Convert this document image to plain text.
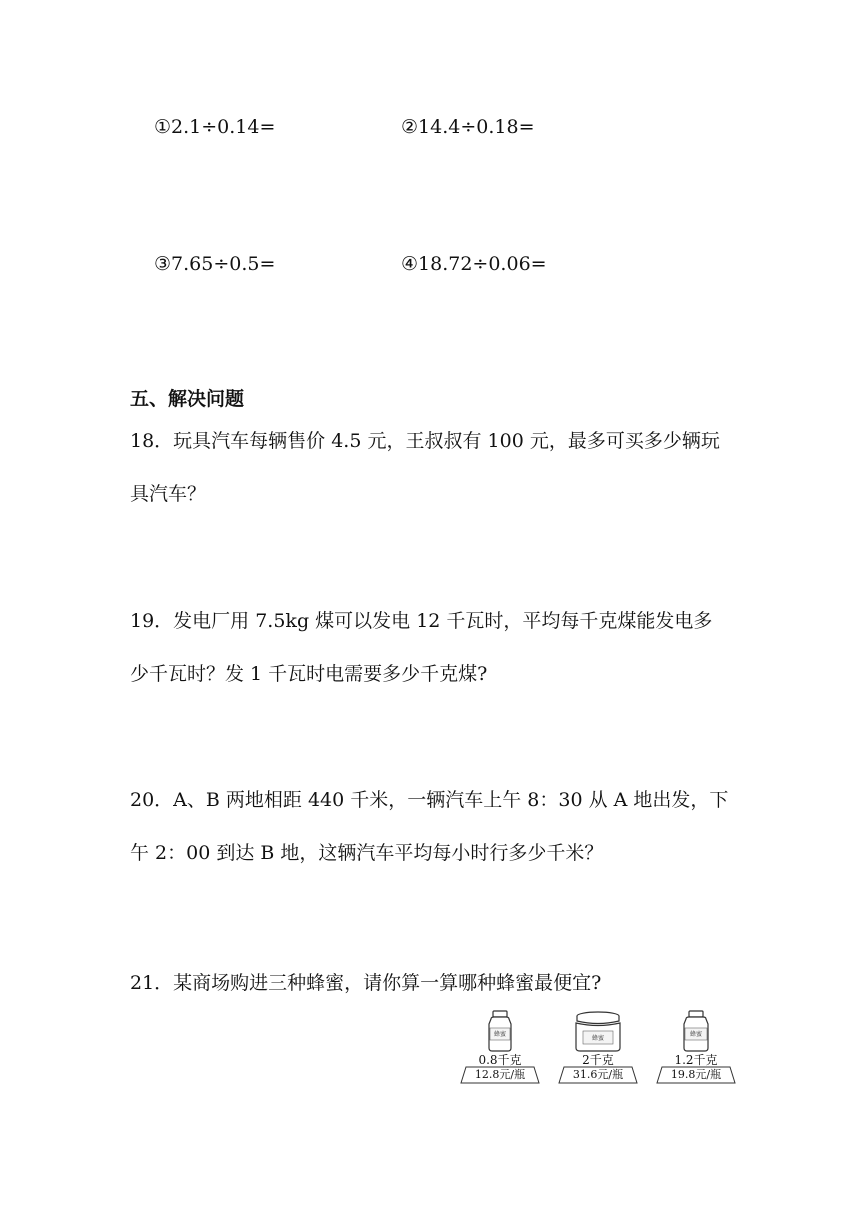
①2.1÷0.14=	②14.4÷0.18=
③7.65÷0.5=	④18.72÷0.06=
五、解决问题
18．玩具汽车每辆售价 4.5 元，王叔叔有 100 元，最多可买多少辆玩
具汽车？
19．发电厂用 7.5kg 煤可以发电 12 千瓦时，平均每千克煤能发电多
少千瓦时？发 1 千瓦时电需要多少千克煤?
20．A、B 两地相距 440 千米，一辆汽车上午 8：30 从 A 地出发，下
午 2：00 到达 B 地，这辆汽车平均每小时行多少千米？
21．某商场购进三种蜂蜜，请你算一算哪种蜂蜜最便宜?
蜂蜜
0.8千克
12.8元/瓶
蜂蜜
2千克
31.6元/瓶
蜂蜜
1.2千克
19.8元/瓶
